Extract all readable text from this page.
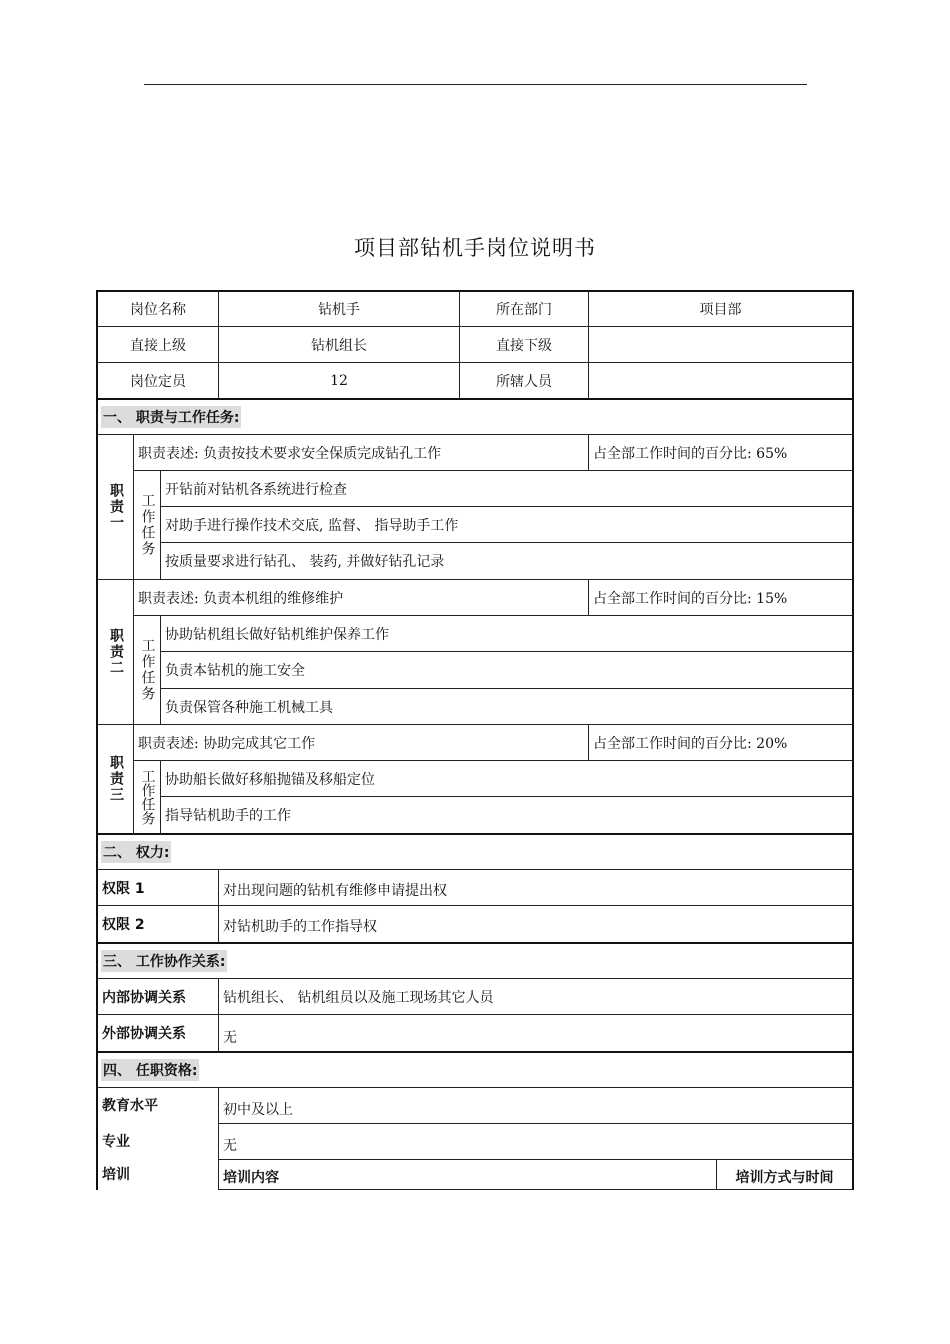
项目部钻机手岗位说明书
岗位名称	钻机手	所在部门	项目部
直接上级	钻机组长	直接下级
岗位定员	12	所辖人员
一、 职责与工作任务:
职责一 工作任务
职责表述: 负责按技术要求安全保质完成钻孔工作	占全部工作时间的百分比: 65%
开钻前对钻机各系统进行检查
对助手进行操作技术交底, 监督、 指导助手工作
按质量要求进行钻孔、 装药, 并做好钻孔记录
职责二 工作任务
职责表述: 负责本机组的维修维护	占全部工作时间的百分比: 15%
协助钻机组长做好钻机维护保养工作
负责本钻机的施工安全
负责保管各种施工机械工具
职责三 工作任务
职责表述: 协助完成其它工作	占全部工作时间的百分比: 20%
协助船长做好移船抛锚及移船定位
指导钻机助手的工作
二、 权力:
权限 1	对出现问题的钻机有维修申请提出权
权限 2	对钻机助手的工作指导权
三、 工作协作关系:
内部协调关系	钻机组长、 钻机组员以及施工现场其它人员
外部协调关系	无
四、 任职资格:
教育水平	初中及以上
专业	无
培训	培训内容	培训方式与时间
